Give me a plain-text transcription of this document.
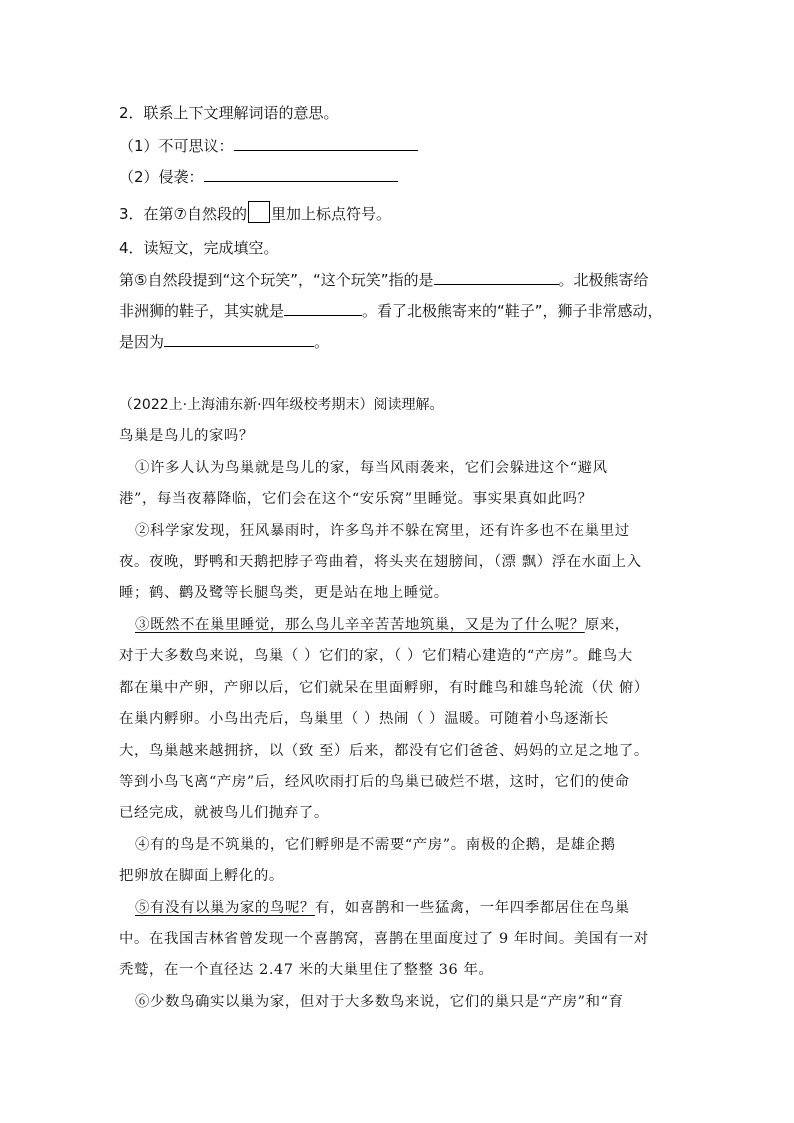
2．联系上下文理解词语的意思。
（1）不可思议：
（2）侵袭：
3．在第⑦自然段的 里加上标点符号。
4．读短文，完成填空。
第⑤自然段提到“这个玩笑”，“这个玩笑”指的是	。北极熊寄给
非洲狮的鞋子，其实就是	。看了北极熊寄来的“鞋子”，狮子非常感动，
是因为	。
（2022上·上海浦东新·四年级校考期末）阅读理解。
鸟巢是鸟儿的家吗？
①许多人认为鸟巢就是鸟儿的家，每当风雨袭来，它们会躲进这个“避风
港”，每当夜幕降临，它们会在这个“安乐窝”里睡觉。事实果真如此吗？
②科学家发现，狂风暴雨时，许多鸟并不躲在窝里，还有许多也不在巢里过
夜。夜晚，野鸭和天鹅把脖子弯曲着，将头夹在翅膀间，（漂 飘）浮在水面上入
睡；鹤、鹳及鹭等长腿鸟类，更是站在地上睡觉。
③既然不在巢里睡觉，那么鸟儿辛辛苦苦地筑巢，又是为了什么呢？原来，
对于大多数鸟来说，鸟巢（ ）它们的家，（ ）它们精心建造的“产房”。雌鸟大
都在巢中产卵，产卵以后，它们就呆在里面孵卵，有时雌鸟和雄鸟轮流（伏 俯）
在巢内孵卵。小鸟出壳后，鸟巢里（ ）热闹（ ）温暖。可随着小鸟逐渐长
大，鸟巢越来越拥挤，以（致 至）后来，都没有它们爸爸、妈妈的立足之地了。
等到小鸟飞离“产房”后，经风吹雨打后的鸟巢已破烂不堪，这时，它们的使命
已经完成，就被鸟儿们抛弃了。
④有的鸟是不筑巢的，它们孵卵是不需要“产房”。南极的企鹅，是雄企鹅
把卵放在脚面上孵化的。
⑤有没有以巢为家的鸟呢？有，如喜鹊和一些猛禽，一年四季都居住在鸟巢
中。在我国吉林省曾发现一个喜鹊窝，喜鹊在里面度过了 9 年时间。美国有一对
秃鹫，在一个直径达 2.47 米的大巢里住了整整 36 年。
⑥少数鸟确实以巢为家，但对于大多数鸟来说，它们的巢只是“产房”和“育
